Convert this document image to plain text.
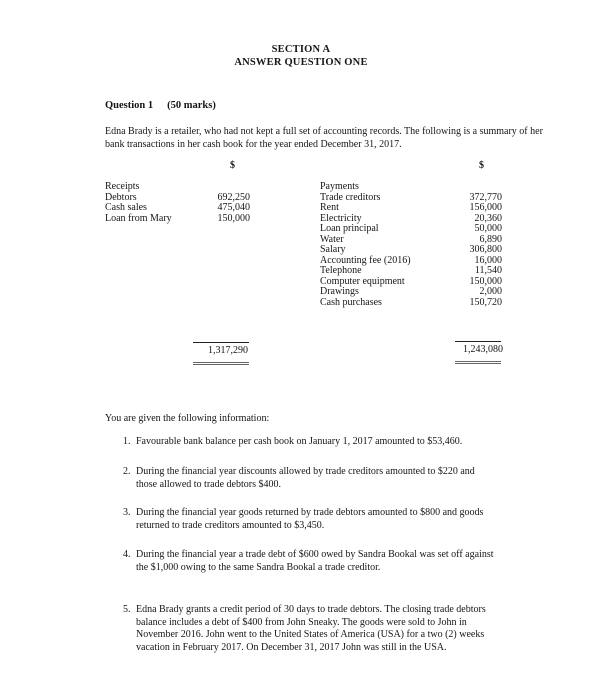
SECTION A
ANSWER QUESTION ONE
Question 1 (50 marks)
Edna Brady is a retailer, who had not kept a full set of accounting records. The following is a summary of her bank transactions in her cash book for the year ended December 31, 2017.
$	$
Receipts
Debtors
Cash sales
Loan from Mary
692,250
475,040
150,000
Payments
Trade creditors
Rent
Electricity
Loan principal
Water
Salary
Accounting fee (2016)
Telephone
Computer equipment
Drawings
Cash purchases
372,770
156,000
20,360
50,000
6,890
306,800
16,000
11,540
150,000
2,000
150,720
1,317,290	1,243,080
You are given the following information:
1. Favourable bank balance per cash book on January 1, 2017 amounted to $53,460.
2. During the financial year discounts allowed by trade creditors amounted to $220 and
those allowed to trade debtors $400.
3. During the financial year goods returned by trade debtors amounted to $800 and goods
returned to trade creditors amounted to $3,450.
4. During the financial year a trade debt of $600 owed by Sandra Bookal was set off against
the $1,000 owing to the same Sandra Bookal a trade creditor.
5. Edna Brady grants a credit period of 30 days to trade debtors. The closing trade debtors
balance includes a debt of $400 from John Sneaky. The goods were sold to John in
November 2016. John went to the United States of America (USA) for a two (2) weeks
vacation in February 2017. On December 31, 2017 John was still in the USA.
